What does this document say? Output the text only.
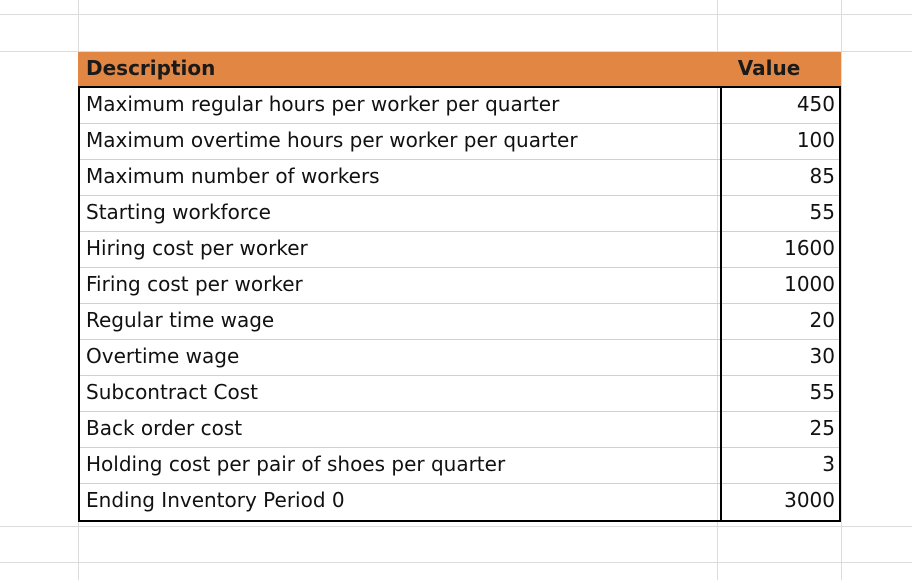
Description	Value
Maximum regular hours per worker per quarter	450
Maximum overtime hours per worker per quarter	100
Maximum number of workers	85
Starting workforce	55
Hiring cost per worker	1600
Firing cost per worker	1000
Regular time wage	20
Overtime wage	30
Subcontract Cost	55
Back order cost	25
Holding cost per pair of shoes per quarter	3
Ending Inventory Period 0	3000
